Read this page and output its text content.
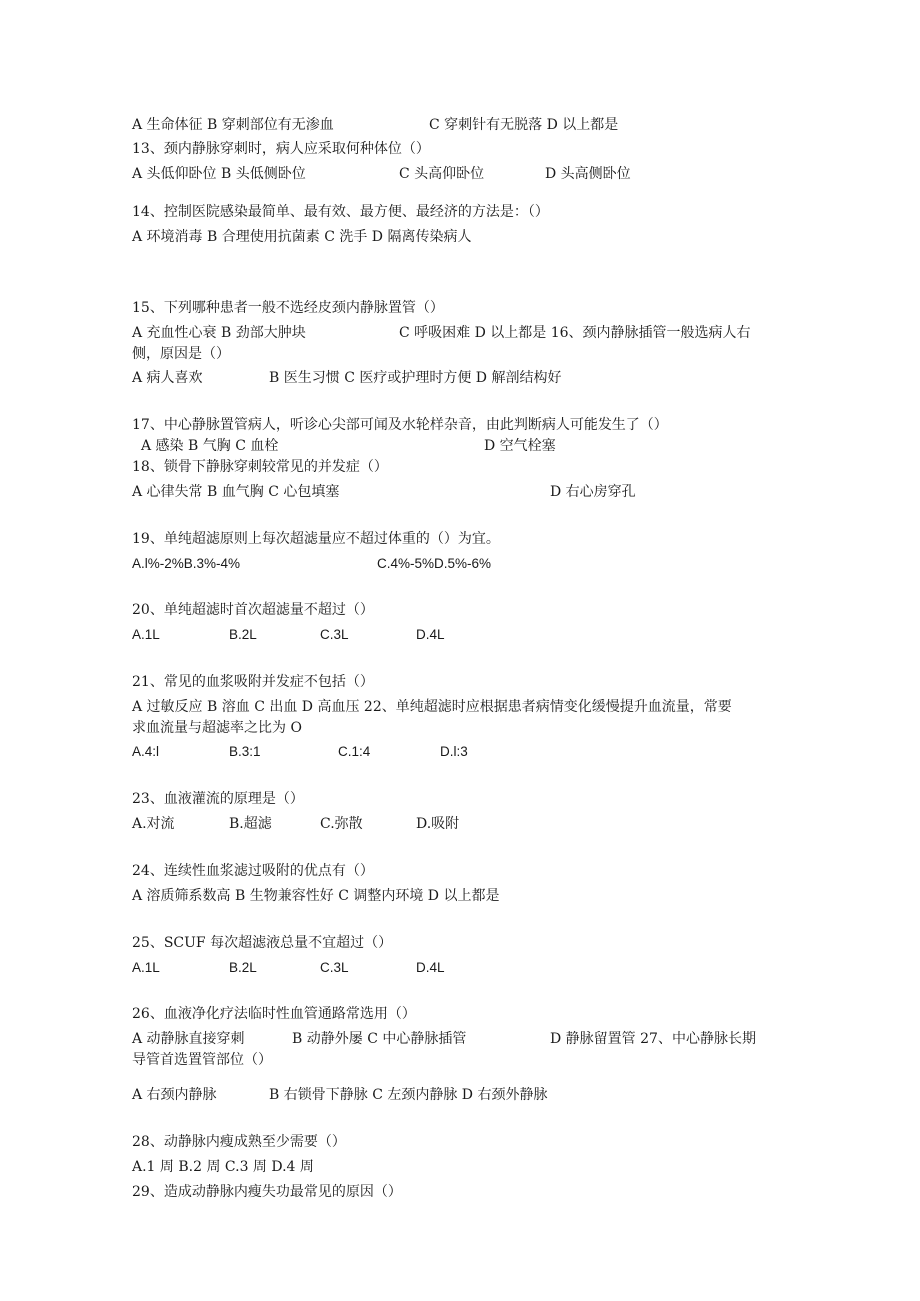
A 生命体征 B 穿刺部位有无渗血	C 穿刺针有无脱落 D 以上都是
13、颈内静脉穿刺时，病人应采取何种体位（）
A 头低仰卧位 B 头低侧卧位	C 头高仰卧位	D 头高侧卧位
14、控制医院感染最简单、最有效、最方便、最经济的方法是：（）
A 环境消毒 B 合理使用抗菌素 C 洗手 D 隔离传染病人
15、下列哪种患者一般不选经皮颈内静脉置管（）
A 充血性心衰 B 劲部大肿块	C 呼吸困难 D 以上都是 16、颈内静脉插管一般选病人右
侧，原因是（）
A 病人喜欢	B 医生习惯 C 医疗或护理时方便 D 解剖结构好
17、中心静脉置管病人，听诊心尖部可闻及水轮样杂音，由此判断病人可能发生了（）
A 感染 B 气胸 C 血栓	D 空气栓塞
18、锁骨下静脉穿刺较常见的并发症（）
A 心律失常 B 血气胸 C 心包填塞	D 右心房穿孔
19、单纯超滤原则上每次超滤量应不超过体重的（）为宜。
A.l%-2%B.3%-4%	C.4%-5%D.5%-6%
20、单纯超滤时首次超滤量不超过（）
A.1L	B.2L	C.3L	D.4L
21、常见的血浆吸附并发症不包括（）
A 过敏反应 B 溶血 C 出血 D 高血压 22、单纯超滤时应根据患者病情变化缓慢提升血流量，常要
求血流量与超滤率之比为 O
A.4:l	B.3:1	C.1:4	D.l:3
23、血液灌流的原理是（）
A.对流	B.超滤	C.弥散	D.吸附
24、连续性血浆滤过吸附的优点有（）
A 溶质筛系数高 B 生物兼容性好 C 调整内环境 D 以上都是
25、SCUF 每次超滤液总量不宜超过（）
A.1L	B.2L	C.3L	D.4L
26、血液净化疗法临时性血管通路常选用（）
A 动静脉直接穿刺	B 动静外屡 C 中心静脉插管	D 静脉留置管 27、中心静脉长期
导管首选置管部位（）
A 右颈内静脉	B 右锁骨下静脉 C 左颈内静脉 D 右颈外静脉
28、动静脉内瘦成熟至少需要（）
A.1 周 B.2 周 C.3 周 D.4 周
29、造成动静脉内瘦失功最常见的原因（）
